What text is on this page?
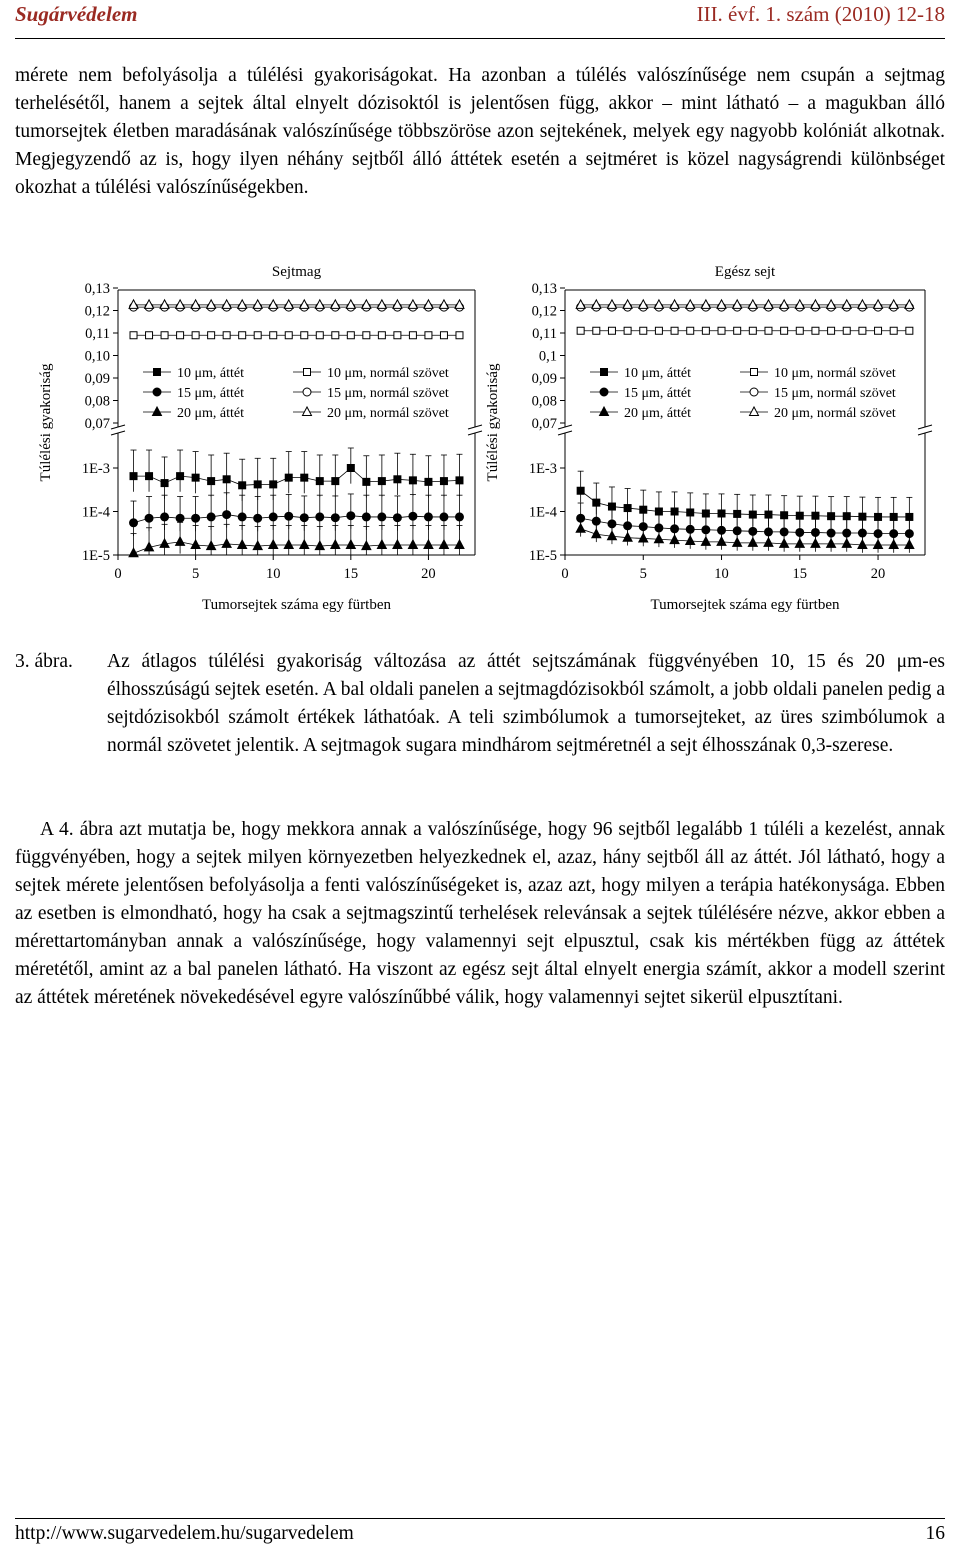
Sugárvédelem	III. évf. 1. szám (2010) 12-18

mérete nem befolyásolja a túlélési gyakoriságokat. Ha azonban a túlélés valószínűsége nem csupán a sejtmag terhelésétől, hanem a sejtek által elnyelt dózisoktól is jelentősen függ, akkor – mint látható – a magukban álló tumorsejtek életben maradásának valószínűsége többszöröse azon sejtekének, melyek egy nagyobb kolóniát alkotnak. Megjegyzendő az is, hogy ilyen néhány sejtből álló áttétek esetén a sejtméret is közel nagyságrendi különbséget okozhat a túlélési valószínűségekben.

Sejtmag
0,13
0,12
0,11
0,10
0,09
0,08
0,07
1E-3
1E-4
1E-5
0	5	10	15	20
Tumorsejtek száma egy fürtben
Túlélési gyakoriság	10 μm, áttét	10 μm, normál szövet
15 μm, áttét	15 μm, normál szövet
20 μm, áttét	20 μm, normál szövet
Egész sejt
0,13
0,12
0,11
0,1
0,09
0,08
0,07
1E-3
1E-4
1E-5
0	5	10	15	20
Tumorsejtek száma egy fürtben
Túlélési gyakoriság	10 μm, áttét	10 μm, normál szövet
15 μm, áttét	15 μm, normál szövet
20 μm, áttét	20 μm, normál szövet
3. ábra.	Az átlagos túlélési gyakoriság változása az áttét sejtszámának függvényében 10, 15 és 20 μm-es élhosszúságú sejtek esetén. A bal oldali panelen a sejtmagdózisokból számolt, a jobb oldali panelen pedig a sejtdózisokból számolt értékek láthatóak. A teli szimbólumok a tumorsejteket, az üres szimbólumok a normál szövetet jelentik. A sejtmagok sugara mindhárom sejtméretnél a sejt élhosszának 0,3-szerese.

A 4. ábra azt mutatja be, hogy mekkora annak a valószínűsége, hogy 96 sejtből legalább 1 túléli a kezelést, annak függvényében, hogy a sejtek milyen környezetben helyezkednek el, azaz, hány sejtből áll az áttét. Jól látható, hogy a sejtek mérete jelentősen befolyásolja a fenti valószínűségeket is, azaz azt, hogy milyen a terápia hatékonysága. Ebben az esetben is elmondható, hogy ha csak a sejtmagszintű terhelések relevánsak a sejtek túlélésére nézve, akkor ebben a mérettartományban annak a valószínűsége, hogy valamennyi sejt elpusztul, csak kis mértékben függ az áttétek méretétől, amint az a bal panelen látható. Ha viszont az egész sejt által elnyelt energia számít, akkor a modell szerint az áttétek méretének növekedésével egyre valószínűbbé válik, hogy valamennyi sejtet sikerül elpusztítani.

http://www.sugarvedelem.hu/sugarvedelem	16
